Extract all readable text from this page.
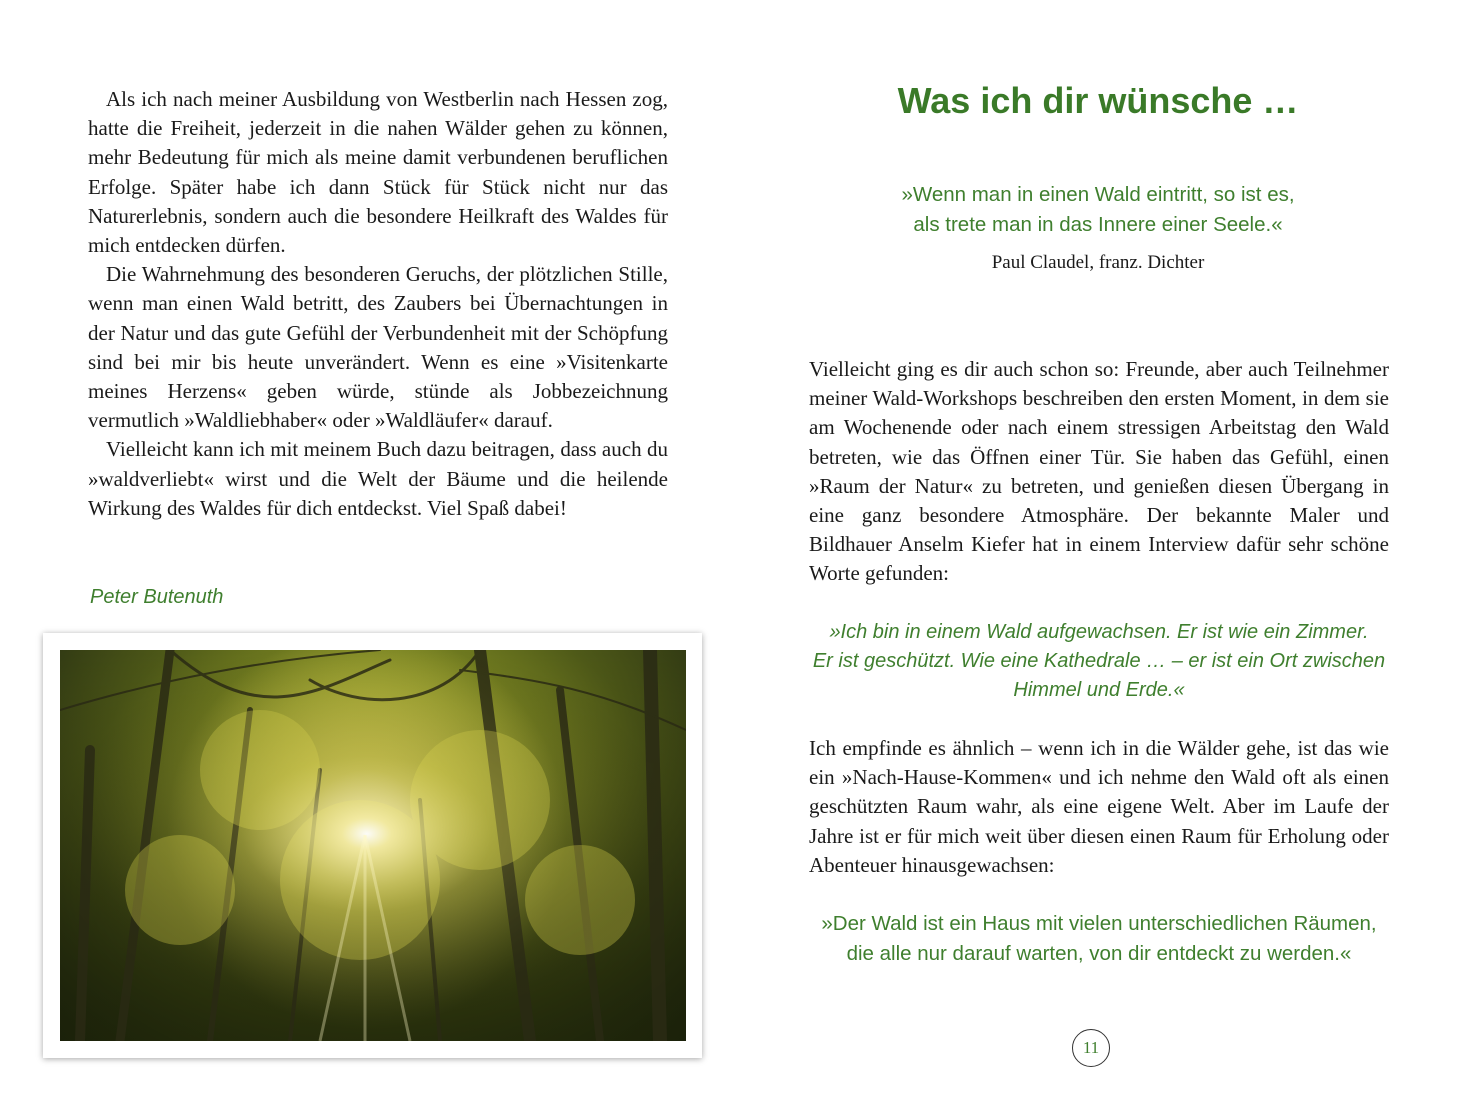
Als ich nach meiner Ausbildung von Westberlin nach Hessen zog, hatte die Freiheit, jederzeit in die nahen Wälder gehen zu können, mehr Bedeutung für mich als meine damit verbundenen beruflichen Erfolge. Später habe ich dann Stück für Stück nicht nur das Naturerlebnis, sondern auch die besondere Heilkraft des Waldes für mich entdecken dürfen.

Die Wahrnehmung des besonderen Geruchs, der plötzlichen Stille, wenn man einen Wald betritt, des Zaubers bei Übernachtungen in der Natur und das gute Gefühl der Verbundenheit mit der Schöpfung sind bei mir bis heute unverändert. Wenn es eine »Visitenkarte meines Herzens« geben würde, stünde als Jobbezeichnung vermutlich »Waldliebhaber« oder »Waldläufer« darauf.

Vielleicht kann ich mit meinem Buch dazu beitragen, dass auch du »waldverliebt« wirst und die Welt der Bäume und die heilende Wirkung des Waldes für dich entdeckst. Viel Spaß dabei!

Peter Butenuth
Was ich dir wünsche …
»Wenn man in einen Wald eintritt, so ist es,
als trete man in das Innere einer Seele.«
Paul Claudel, franz. Dichter

Vielleicht ging es dir auch schon so: Freunde, aber auch Teilnehmer meiner Wald-Workshops beschreiben den ersten Moment, in dem sie am Wochenende oder nach einem stressigen Arbeitstag den Wald betreten, wie das Öffnen einer Tür. Sie haben das Gefühl, einen »Raum der Natur« zu betreten, und genießen diesen Übergang in eine ganz besondere Atmosphäre. Der bekannte Maler und Bildhauer Anselm Kiefer hat in einem Interview dafür sehr schöne Worte gefunden:

»Ich bin in einem Wald aufgewachsen. Er ist wie ein Zimmer.
Er ist geschützt. Wie eine Kathedrale … – er ist ein Ort zwischen
Himmel und Erde.«

Ich empfinde es ähnlich – wenn ich in die Wälder gehe, ist das wie ein »Nach-Hause-Kommen« und ich nehme den Wald oft als einen geschützten Raum wahr, als eine eigene Welt. Aber im Laufe der Jahre ist er für mich weit über diesen einen Raum für Erholung oder Abenteuer hinausgewachsen:

»Der Wald ist ein Haus mit vielen unterschiedlichen Räumen,
die alle nur darauf warten, von dir entdeckt zu werden.«
11
